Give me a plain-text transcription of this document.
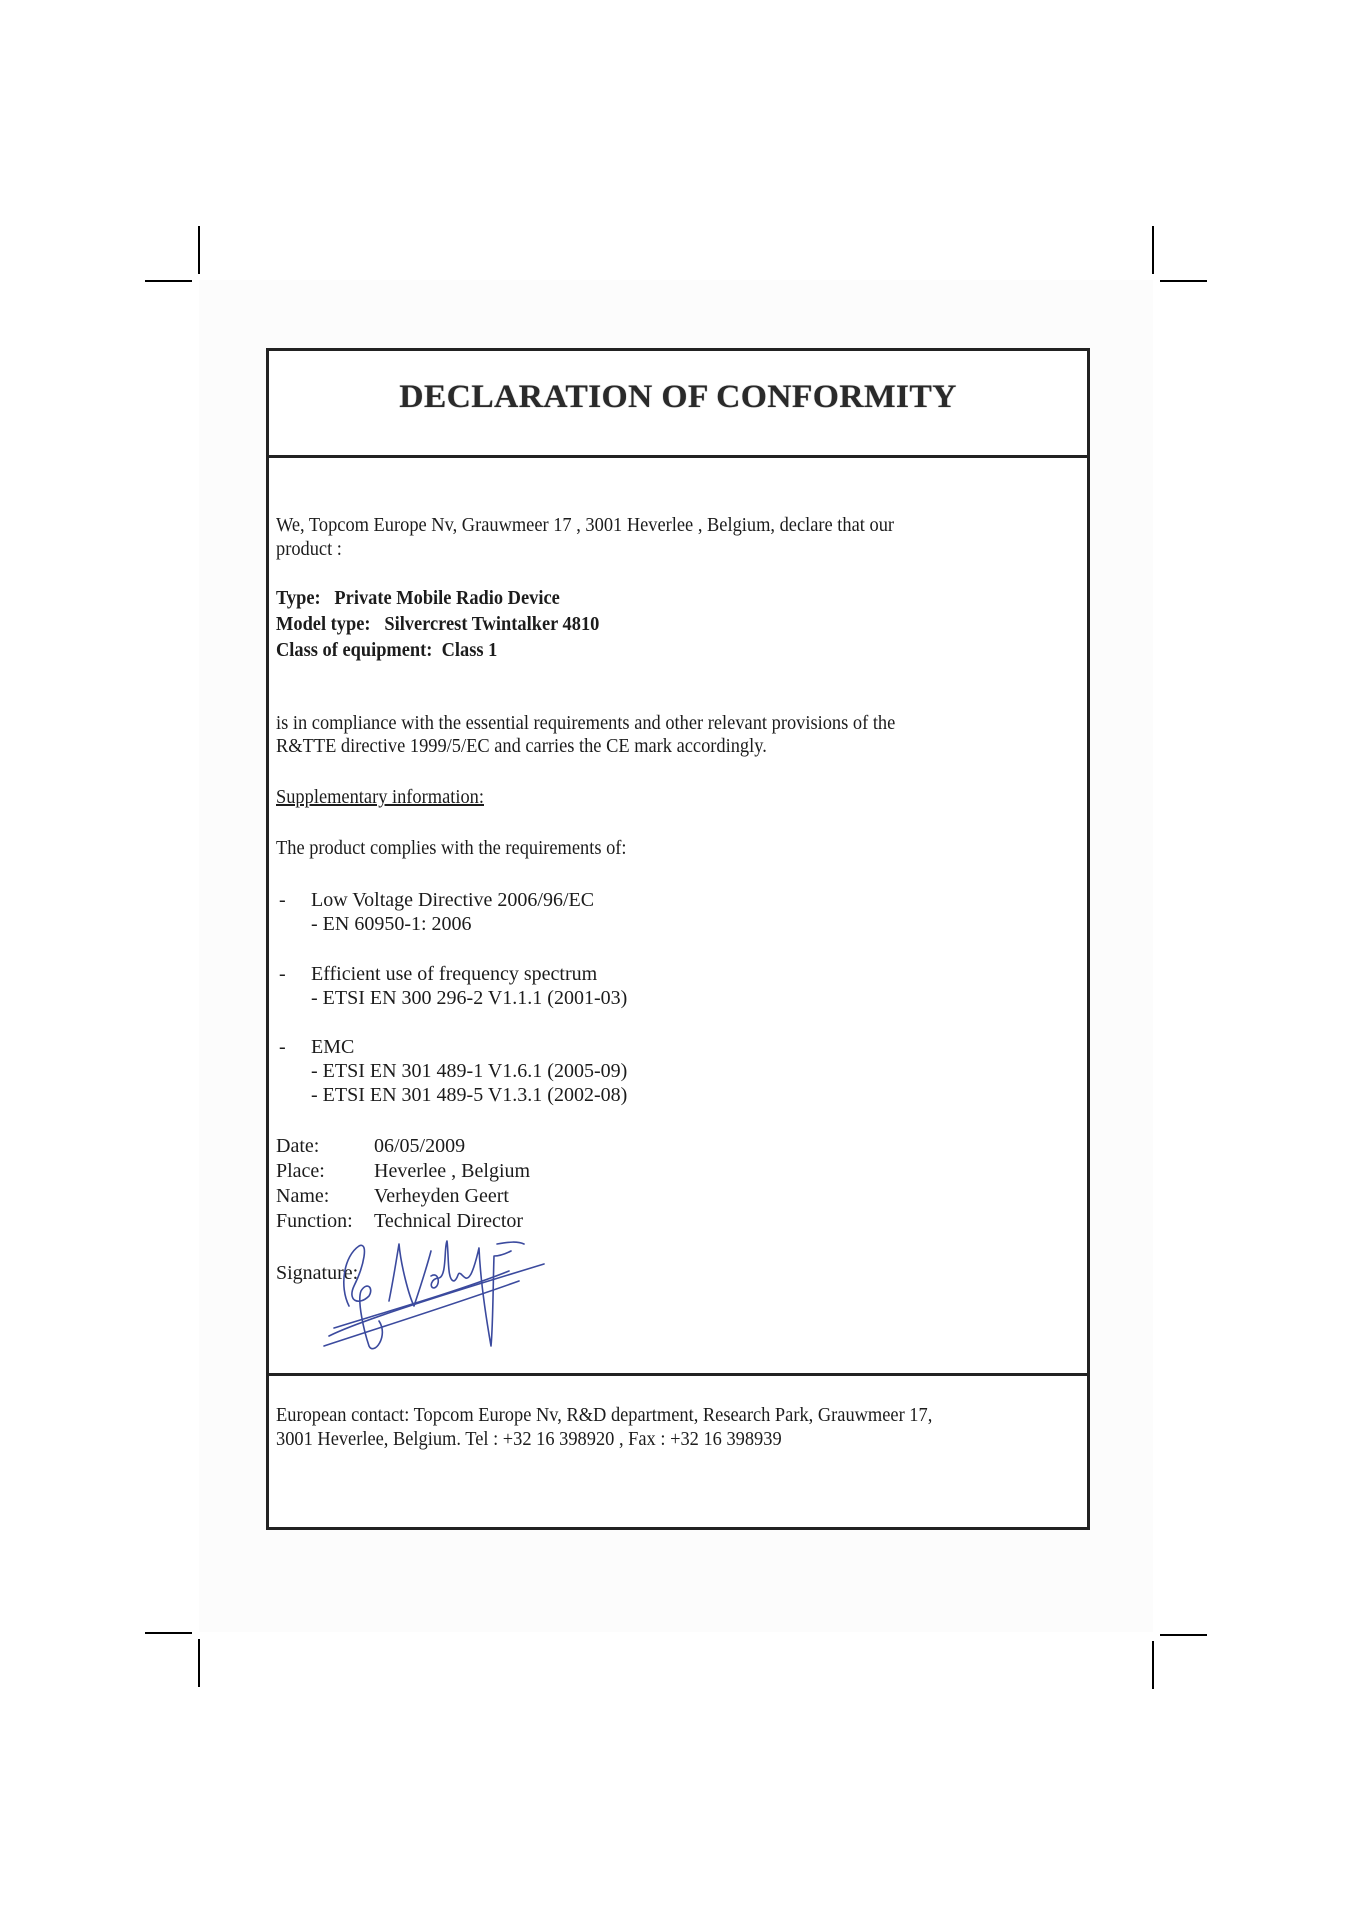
DECLARATION OF CONFORMITY
We, Topcom Europe Nv, Grauwmeer 17 , 3001 Heverlee , Belgium, declare that our
product :
Type: Private Mobile Radio Device
Model type: Silvercrest Twintalker 4810
Class of equipment: Class 1
is in compliance with the essential requirements and other relevant provisions of the
R&TTE directive 1999/5/EC and carries the CE mark accordingly.
Supplementary information:
The product complies with the requirements of:
- Low Voltage Directive 2006/96/EC
- EN 60950-1: 2006
- Efficient use of frequency spectrum
- ETSI EN 300 296-2 V1.1.1 (2001-03)
- EMC
- ETSI EN 301 489-1 V1.6.1 (2005-09)
- ETSI EN 301 489-5 V1.3.1 (2002-08)
Date:	06/05/2009
Place: Heverlee , Belgium
Name: Verheyden Geert
Function: Technical Director
Signature:
European contact: Topcom Europe Nv, R&D department, Research Park, Grauwmeer 17,
3001 Heverlee, Belgium. Tel : +32 16 398920 , Fax : +32 16 398939
